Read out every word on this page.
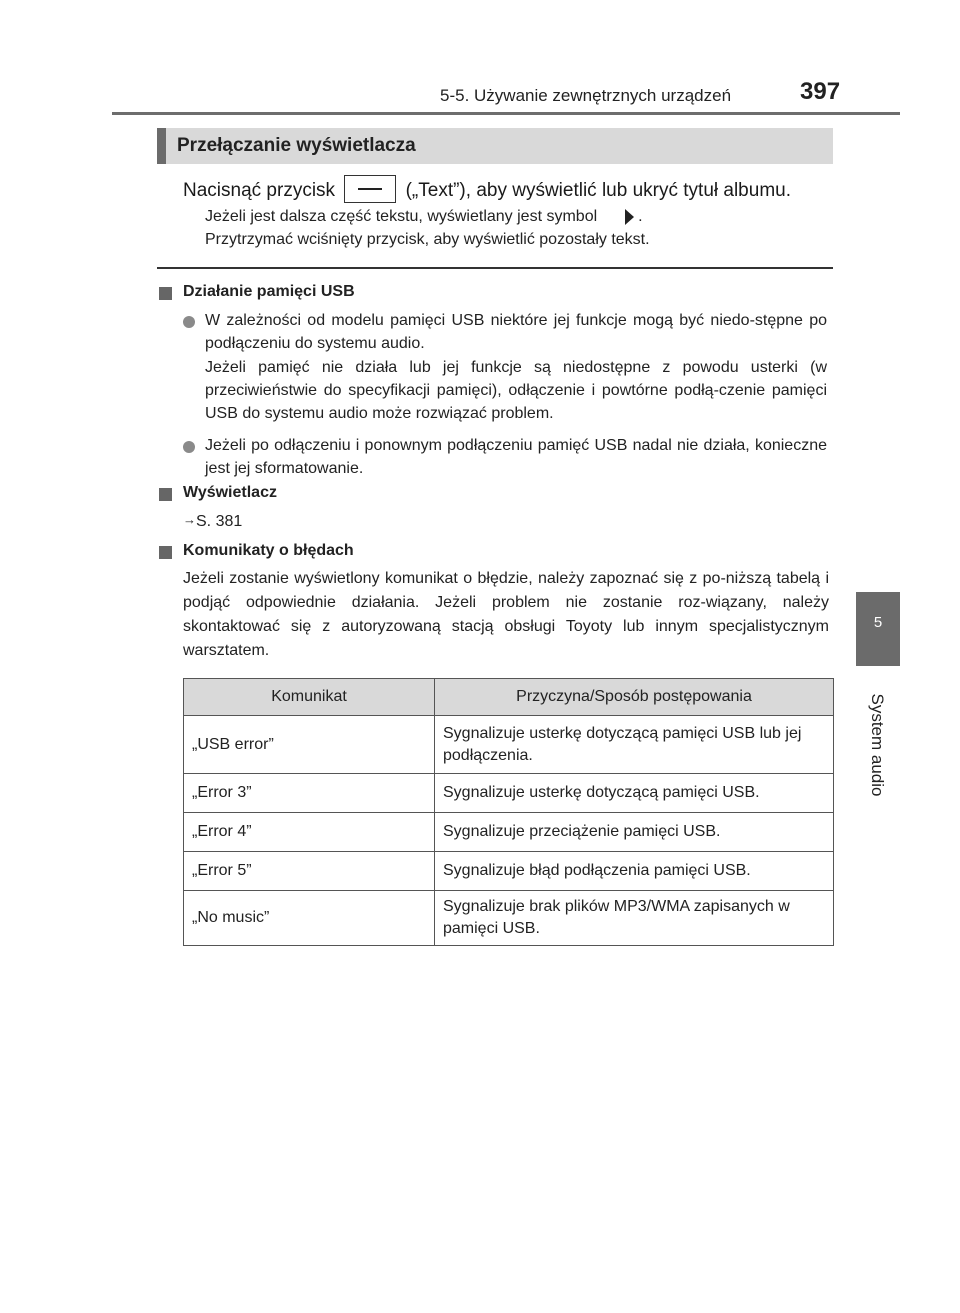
5-5. Używanie zewnętrznych urządzeń	397
5
System audio
Przełączanie wyświetlacza
Nacisnąć przycisk	(„Text”), aby wyświetlić lub ukryć tytuł albumu.
Jeżeli jest dalsza część tekstu, wyświetlany jest symbol	.
Przytrzymać wciśnięty przycisk, aby wyświetlić pozostały tekst.
Działanie pamięci USB
W zależności od modelu pamięci USB niektóre jej funkcje mogą być niedo-stępne po podłączeniu do systemu audio.
Jeżeli pamięć nie działa lub jej funkcje są niedostępne z powodu usterki (w przeciwieństwie do specyfikacji pamięci), odłączenie i powtórne podłą-czenie pamięci USB do systemu audio może rozwiązać problem.
Jeżeli po odłączeniu i ponownym podłączeniu pamięć USB nadal nie działa, konieczne jest jej sformatowanie.
Wyświetlacz
→S. 381
Komunikaty o błędach
Jeżeli zostanie wyświetlony komunikat o błędzie, należy zapoznać się z po-niższą tabelą i podjąć odpowiednie działania. Jeżeli problem nie zostanie roz-wiązany, należy skontaktować się z autoryzowaną stacją obsługi Toyoty lub innym specjalistycznym warsztatem.
Komunikat	Przyczyna/Sposób postępowania
„USB error”	Sygnalizuje usterkę dotyczącą pamięci USB lub jej podłączenia.
„Error 3”	Sygnalizuje usterkę dotyczącą pamięci USB.
„Error 4”	Sygnalizuje przeciążenie pamięci USB.
„Error 5”	Sygnalizuje błąd podłączenia pamięci USB.
„No music”	Sygnalizuje brak plików MP3/WMA zapisanych w pamięci USB.
